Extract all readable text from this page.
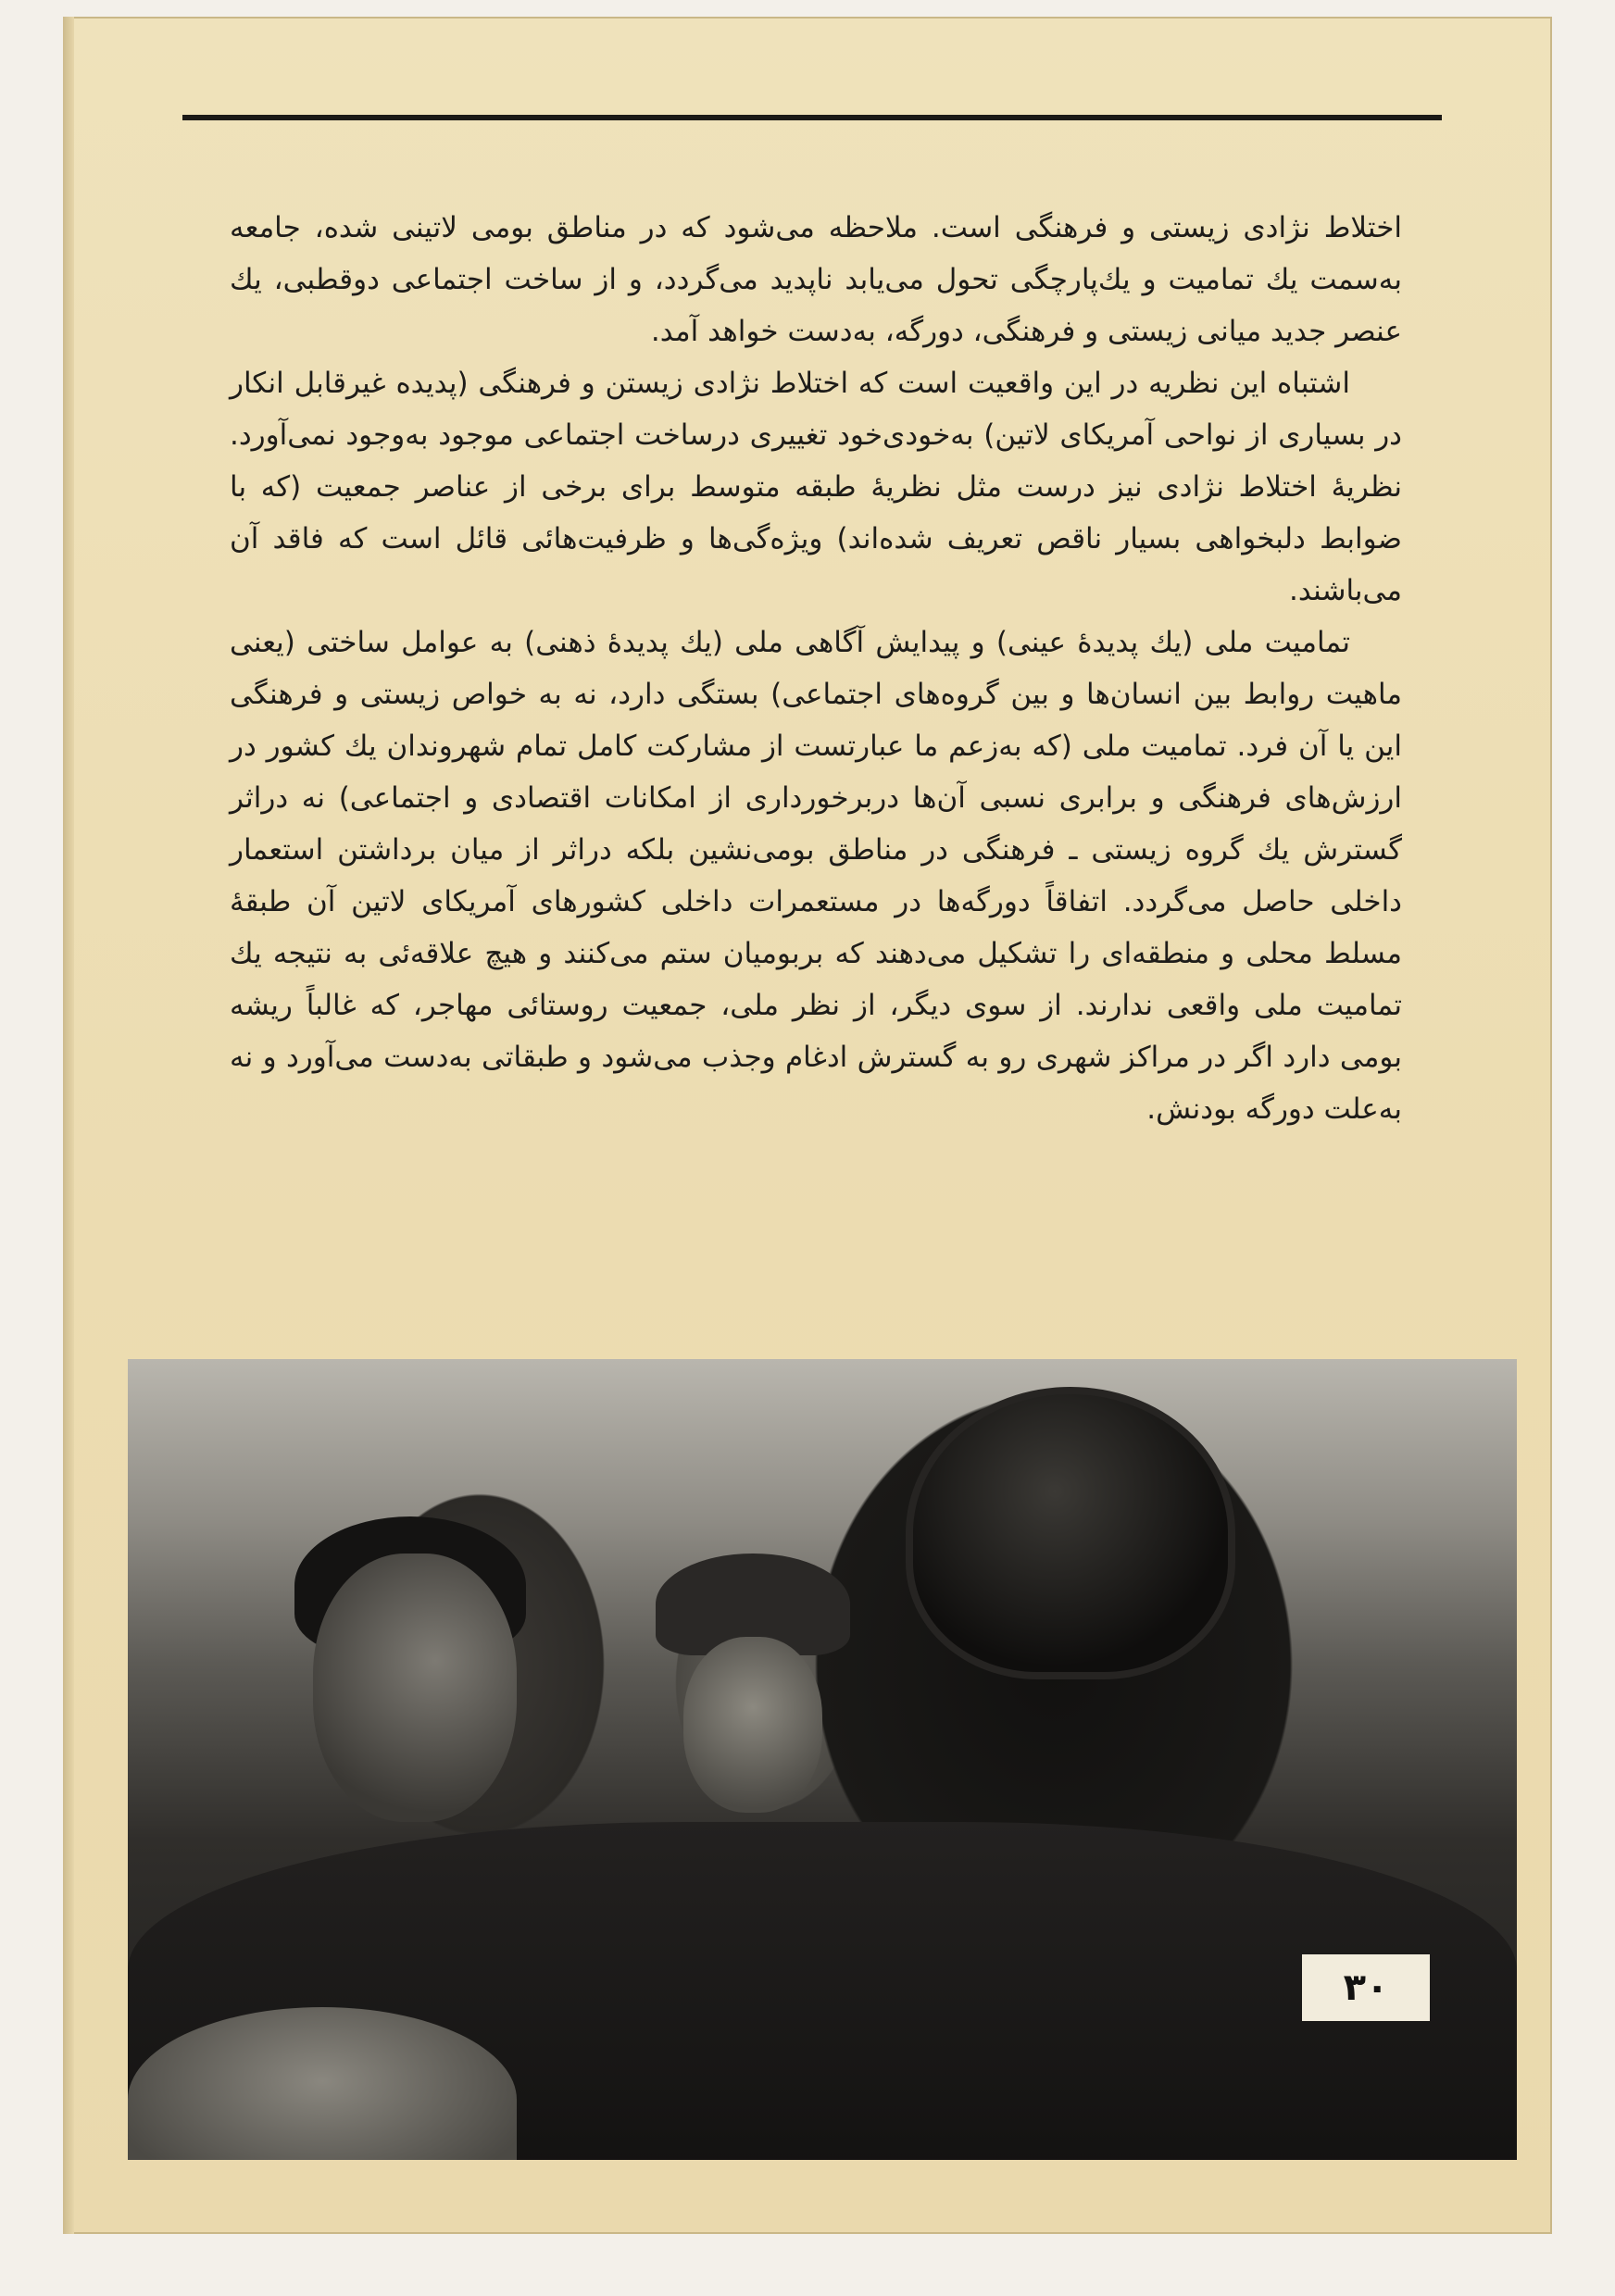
اختلاط نژادی زیستی و فرهنگی است. ملاحظه می‌شود که در مناطق بومی لاتینی شده، جامعه به‌سمت یك تمامیت و یك‌پارچگی تحول می‌یابد ناپدید می‌گردد، و از ساخت اجتماعی دوقطبی، یك عنصر جدید میانی زیستی و فرهنگی، دورگه، به‌دست خواهد آمد.

اشتباه این نظریه در این واقعیت است که اختلاط نژادی زیستن و فرهنگی (پدیده غیرقابل انکار در بسیاری از نواحی آمریکای لاتین) به‌خودی‌خود تغییری درساخت اجتماعی موجود به‌وجود نمی‌آورد. نظریهٔ اختلاط نژادی نیز درست مثل نظریهٔ طبقه متوسط برای برخی از عناصر جمعیت (که با ضوابط دلبخواهی بسیار ناقص تعریف شده‌اند) ویژه‌گی‌ها و ظرفیت‌هائی قائل است که فاقد آن می‌باشند.

تمامیت ملی (یك پدیدهٔ عینی) و پیدایش آگاهی ملی (یك پدیدهٔ ذهنی) به عوامل ساختی (یعنی ماهیت روابط بین انسان‌ها و بین گروه‌های اجتماعی) بستگی دارد، نه به خواص زیستی و فرهنگی این یا آن فرد. تمامیت ملی (که به‌زعم ما عبارتست از مشارکت کامل تمام شهروندان یك کشور در ارزش‌های فرهنگی و برابری نسبی آن‌ها دربرخورداری از امکانات اقتصادی و اجتماعی) نه دراثر گسترش یك گروه زیستی ـ فرهنگی در مناطق بومی‌نشین بلکه دراثر از میان برداشتن استعمار داخلی حاصل می‌گردد. اتفاقاً دورگه‌ها در مستعمرات داخلی کشورهای آمریکای لاتین آن طبقهٔ مسلط محلی و منطقه‌ای را تشکیل می‌دهند که بربومیان ستم می‌کنند و هیچ علاقه‌ئی به نتیجه یك تمامیت ملی واقعی ندارند. از سوی دیگر، از نظر ملی، جمعیت روستائی مهاجر، که غالباً ریشه بومی دارد اگر در مراکز شهری رو به گسترش ادغام وجذب می‌شود و طبقاتی به‌دست می‌آورد و نه به‌علت دورگه بودنش.

۳۰
